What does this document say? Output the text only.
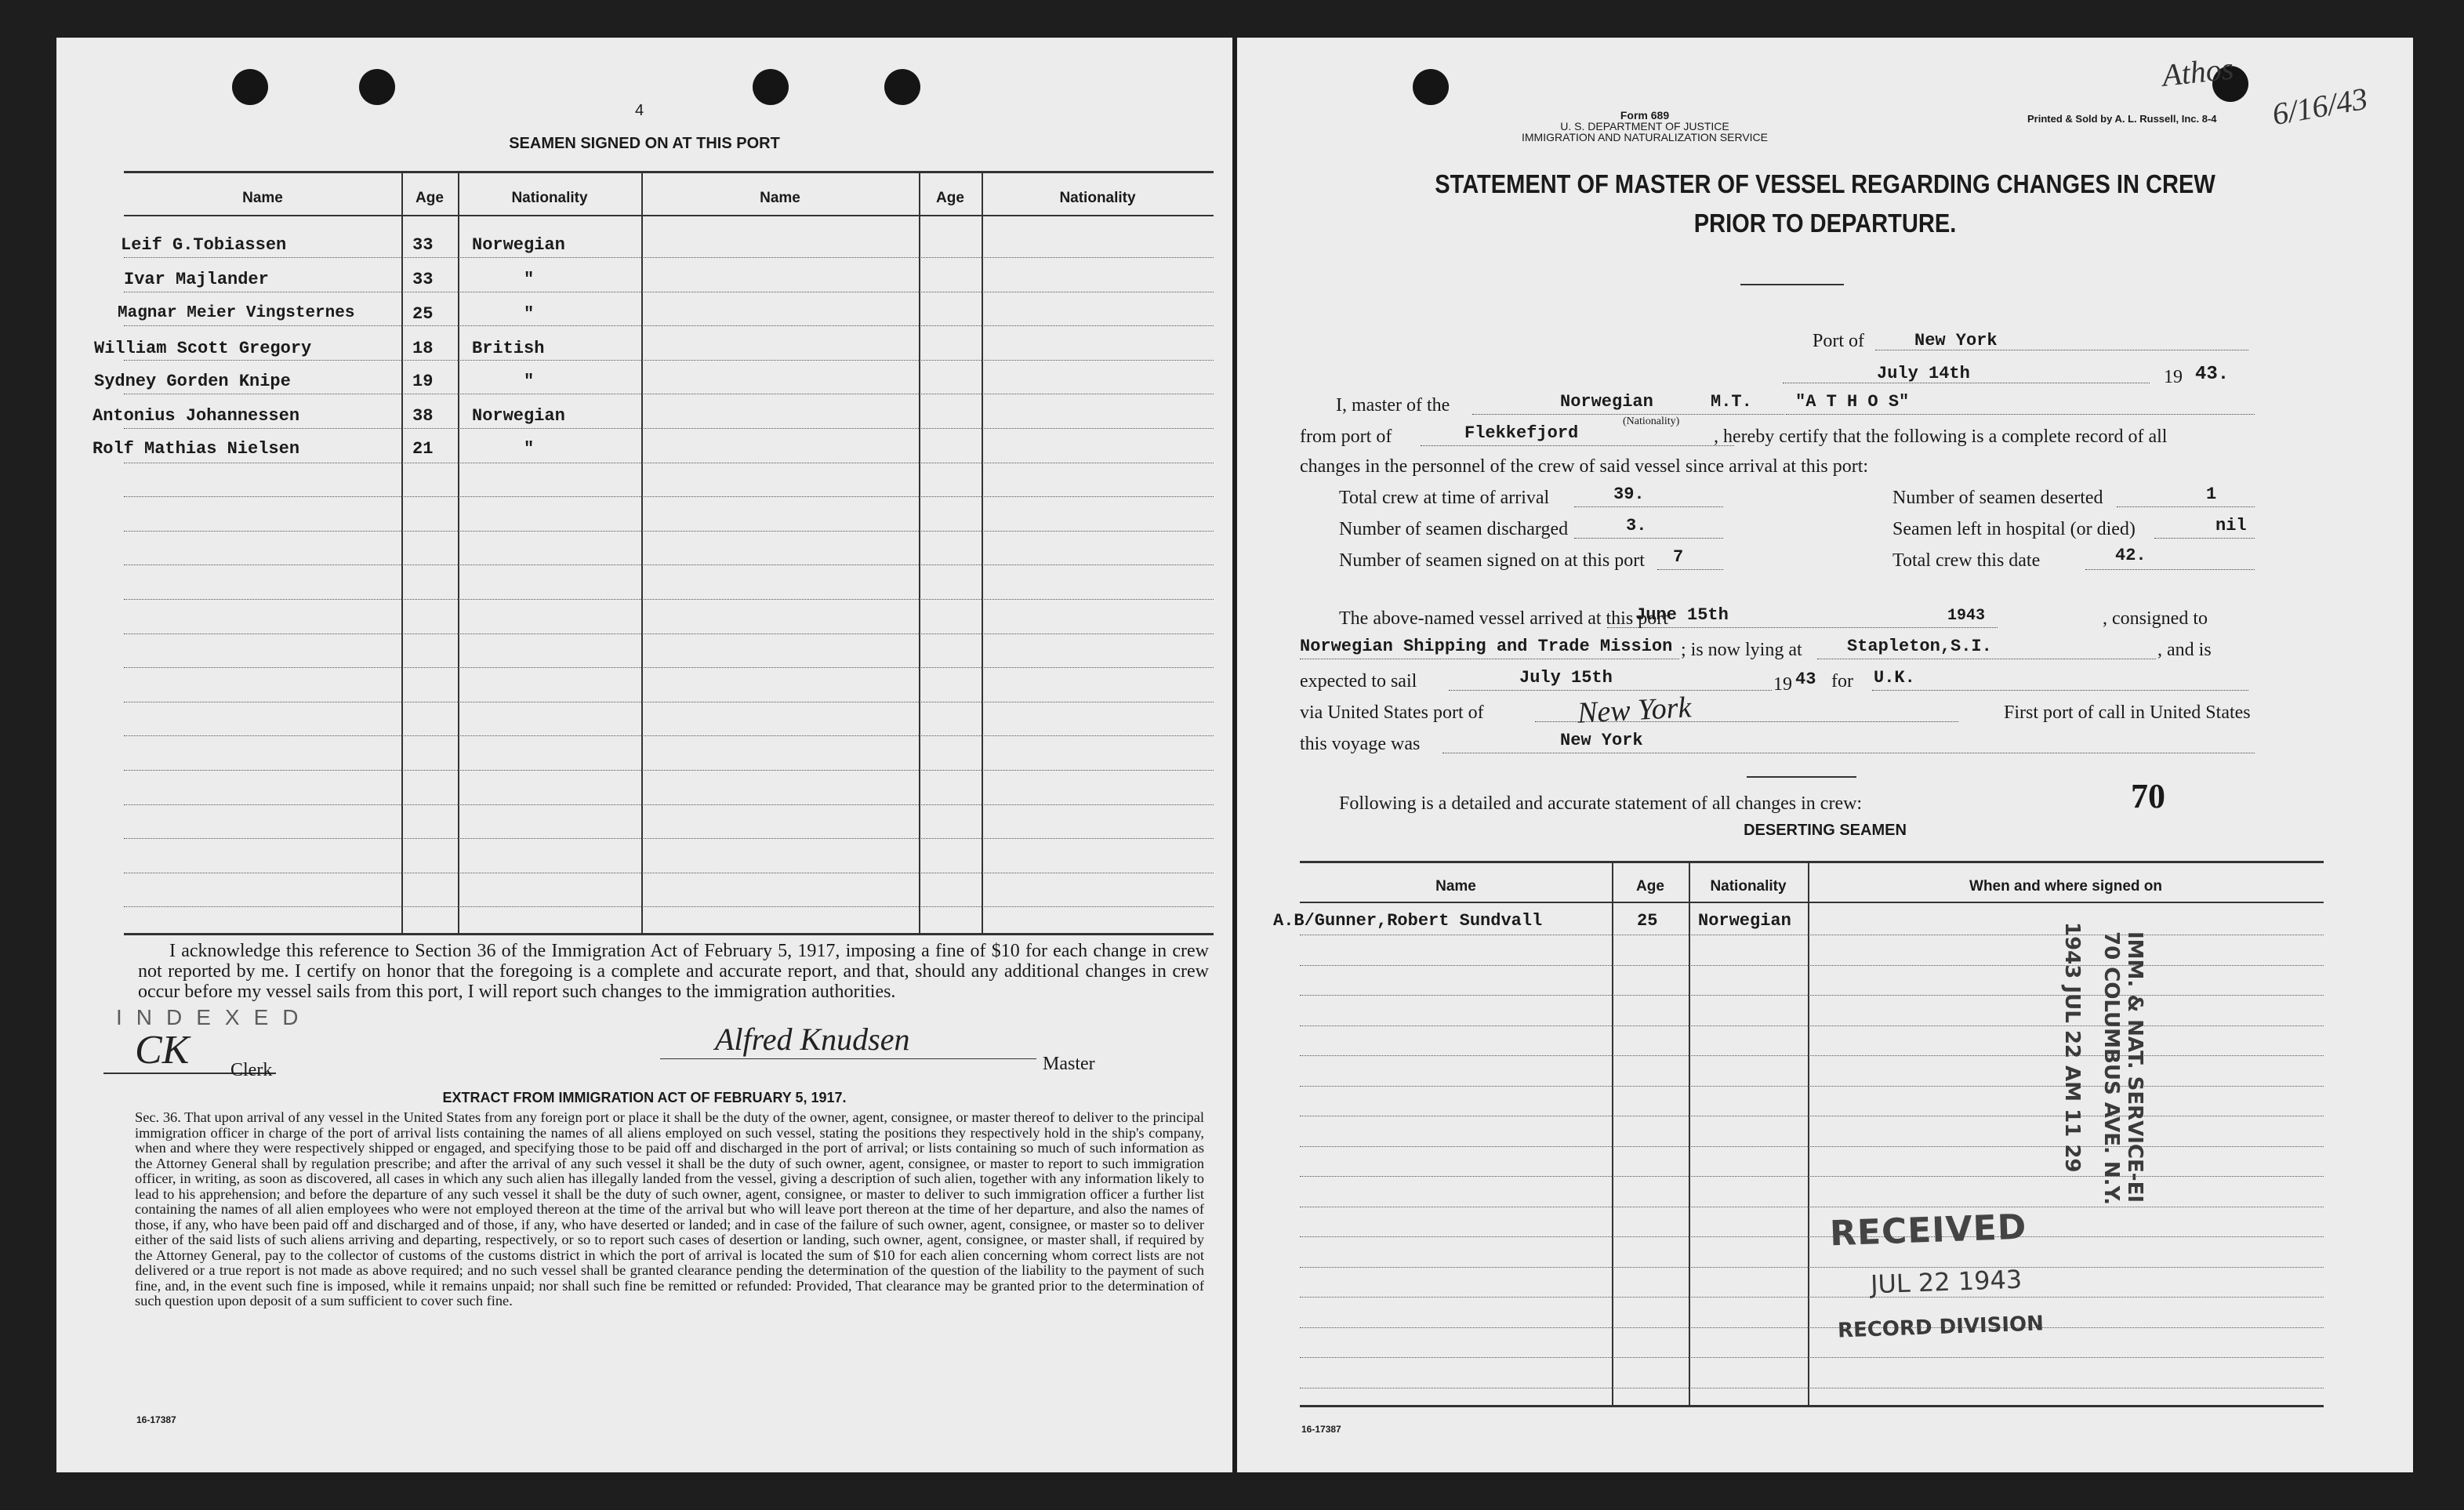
4
SEAMEN SIGNED ON AT THIS PORT
Name	Age	Nationality	Name	Age	Nationality
Leif G.Tobiassen	33 Norwegian
Ivar Majlander	33	"
Magnar Meier Vingsternes	25	"
William Scott Gregory	18 British
Sydney Gorden Knipe	19	"
Antonius Johannessen	38 Norwegian
Rolf Mathias Nielsen	21	"
I acknowledge this reference to Section 36 of the Immigration Act of February 5, 1917, imposing a fine of $10 for each change in crew not reported by me. I certify on honor that the foregoing is a complete and accurate report, and that, should any additional changes in crew occur before my vessel sails from this port, I will report such changes to the immigration authorities.
INDEXED
CK Clerk
Alfred Knudsen
Master
EXTRACT FROM IMMIGRATION ACT OF FEBRUARY 5, 1917.
Sec. 36. That upon arrival of any vessel in the United States from any foreign port or place it shall be the duty of the owner, agent, consignee, or master thereof to deliver to the principal immigration officer in charge of the port of arrival lists containing the names of all aliens employed on such vessel, stating the positions they respectively hold in the ship's company, when and where they were respectively shipped or engaged, and specifying those to be paid off and discharged in the port of arrival; or lists containing so much of such information as the Attorney General shall by regulation prescribe; and after the arrival of any such vessel it shall be the duty of such owner, agent, consignee, or master to report to such immigration officer, in writing, as soon as discovered, all cases in which any such alien has illegally landed from the vessel, giving a description of such alien, together with any information likely to lead to his apprehension; and before the departure of any such vessel it shall be the duty of such owner, agent, consignee, or master to deliver to such immigration officer a further list containing the names of all alien employees who were not employed thereon at the time of the arrival but who will leave port thereon at the time of her departure, and also the names of those, if any, who have been paid off and discharged and of those, if any, who have deserted or landed; and in case of the failure of such owner, agent, consignee, or master so to deliver either of the said lists of such aliens arriving and departing, respectively, or so to report such cases of desertion or landing, such owner, agent, consignee, or master shall, if required by the Attorney General, pay to the collector of customs of the customs district in which the port of arrival is located the sum of $10 for each alien concerning whom correct lists are not delivered or a true report is not made as above required; and no such vessel shall be granted clearance pending the determination of the question of the liability to the payment of such fine, and, in the event such fine is imposed, while it remains unpaid; nor shall such fine be remitted or refunded: Provided, That clearance may be granted prior to the determination of such question upon deposit of a sum sufficient to cover such fine.
16-17387
Form 689
U. S. DEPARTMENT OF JUSTICE
IMMIGRATION AND NATURALIZATION SERVICE
Printed & Sold by A. L. Russell, Inc. 8-4
Athos
6/16/43
STATEMENT OF MASTER OF VESSEL REGARDING CHANGES IN CREW
PRIOR TO DEPARTURE.
Port of	New York
July 14th	19 43.
I, master of the	Norwegian	M.T.	"A T H O S"
(Nationality)
from port of	Flekkefjord	, hereby certify that the following is a complete record of all
changes in the personnel of the crew of said vessel since arrival at this port:
Total crew at time of arrival	39.	Number of seamen deserted	1
Number of seamen discharged	3.	Seamen left in hospital (or died)	nil
Number of seamen signed on at this port 7	Total crew this date	42.
The above-named vessel arrived at this port
June 15th	1943	, consigned to
Norwegian Shipping and Trade Mission ; is now lying at	Stapleton,S.I.	, and is
expected to sail	July 15th	19 43 for U.K.
via United States port of	New York	First port of call in United States
this voyage was	New York
Following is a detailed and accurate statement of all changes in crew:	70
DESERTING SEAMEN
Name	Age	Nationality	When and where signed on
A.B/Gunner,Robert Sundvall	25 Norwegian
IMM. & NAT. SERVICE-EI
70 COLUMBUS AVE. N.Y.
1943 JUL 22 AM 11 29
RECEIVED
JUL 22 1943
RECORD DIVISION
16-17387
